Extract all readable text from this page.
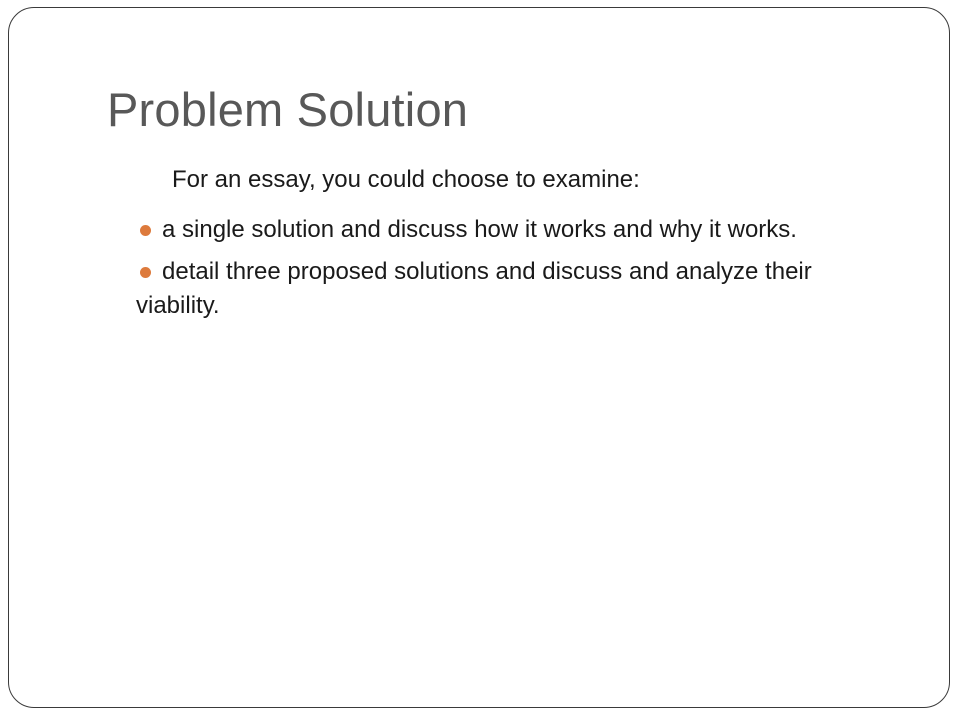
Problem Solution
For an essay, you could choose to examine:
a single solution and discuss how it works and why it works.
detail three proposed solutions and discuss and analyze their viability.
